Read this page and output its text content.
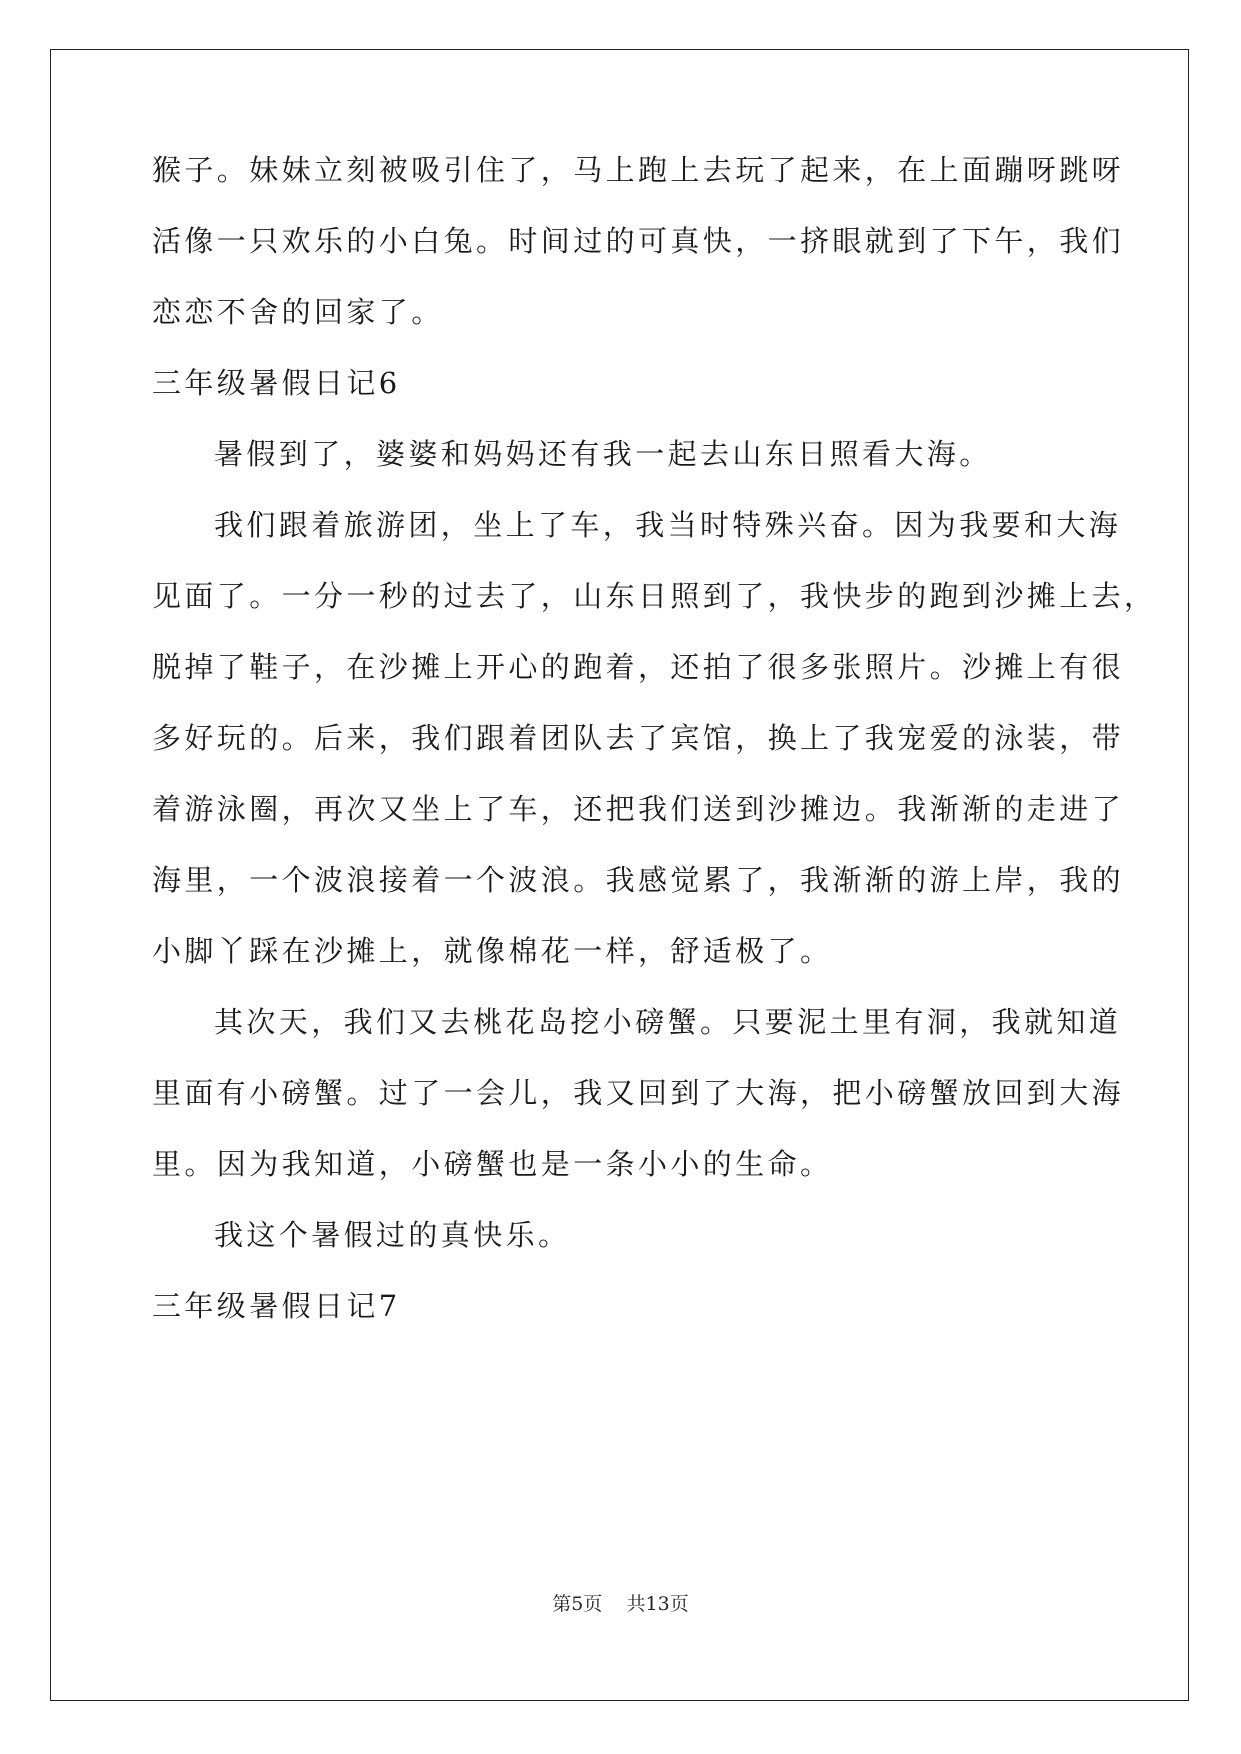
猴子。妹妹立刻被吸引住了，马上跑上去玩了起来，在上面蹦呀跳呀
活像一只欢乐的小白兔。时间过的可真快，一挤眼就到了下午，我们
恋恋不舍的回家了。
三年级暑假日记6
暑假到了，婆婆和妈妈还有我一起去山东日照看大海。
我们跟着旅游团，坐上了车，我当时特殊兴奋。因为我要和大海
见面了。一分一秒的过去了，山东日照到了，我快步的跑到沙摊上去，
脱掉了鞋子，在沙摊上开心的跑着，还拍了很多张照片。沙摊上有很
多好玩的。后来，我们跟着团队去了宾馆，换上了我宠爱的泳装，带
着游泳圈，再次又坐上了车，还把我们送到沙摊边。我渐渐的走进了
海里，一个波浪接着一个波浪。我感觉累了，我渐渐的游上岸，我的
小脚丫踩在沙摊上，就像棉花一样，舒适极了。
其次天，我们又去桃花岛挖小磅蟹。只要泥土里有洞，我就知道
里面有小磅蟹。过了一会儿，我又回到了大海，把小磅蟹放回到大海
里。因为我知道，小磅蟹也是一条小小的生命。
我这个暑假过的真快乐。
三年级暑假日记7
第5页 共13页
